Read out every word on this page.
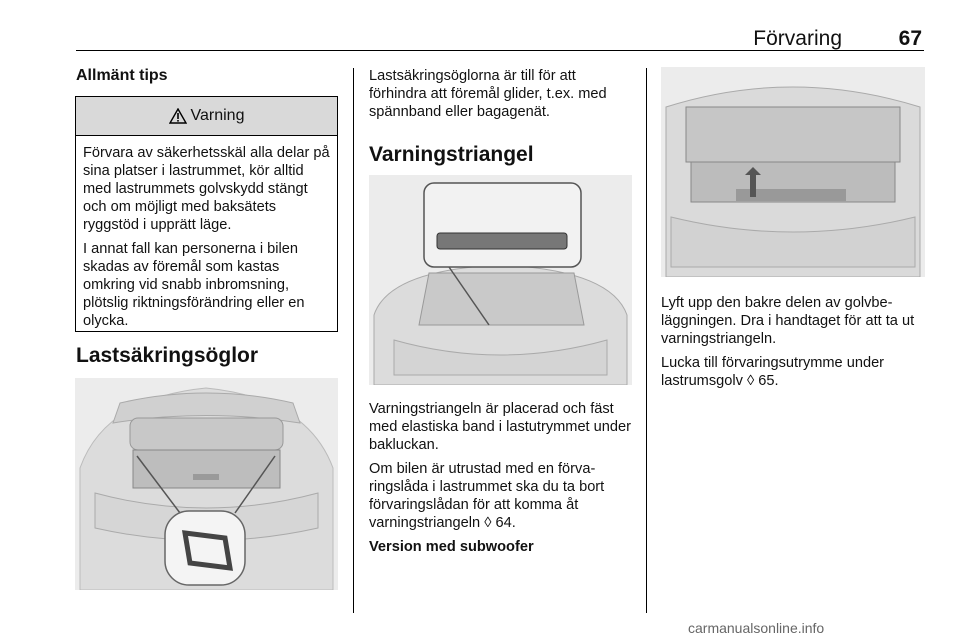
Förvaring	67
Allmänt tips
Varning

Förvara av säkerhetsskäl alla delar på sina platser i lastrummet, kör alltid med lastrummets golvskydd stängt och om möjligt med baksätets ryggstöd i upprätt läge.

I annat fall kan personerna i bilen skadas av föremål som kastas omkring vid snabb inbromsning, plötslig riktningsförändring eller en olycka.

Lastsäkringsöglor

Lastsäkringsöglorna är till för att förhindra att föremål glider, t.ex. med spännband eller bagagenät.

Varningstriangel

Varningstriangeln är placerad och fäst med elastiska band i lastutrymmet under bakluckan.

Om bilen är utrustad med en förvaringslåda i lastrummet ska du ta bort förvaringslådan för att komma åt varningstriangeln ◊ 64.

Version med subwoofer

Lyft upp den bakre delen av golvbeläggningen. Dra i handtaget för att ta ut varningstriangeln.

Lucka till förvaringsutrymme under lastrumsgolv ◊ 65.

carmanualsonline.info
